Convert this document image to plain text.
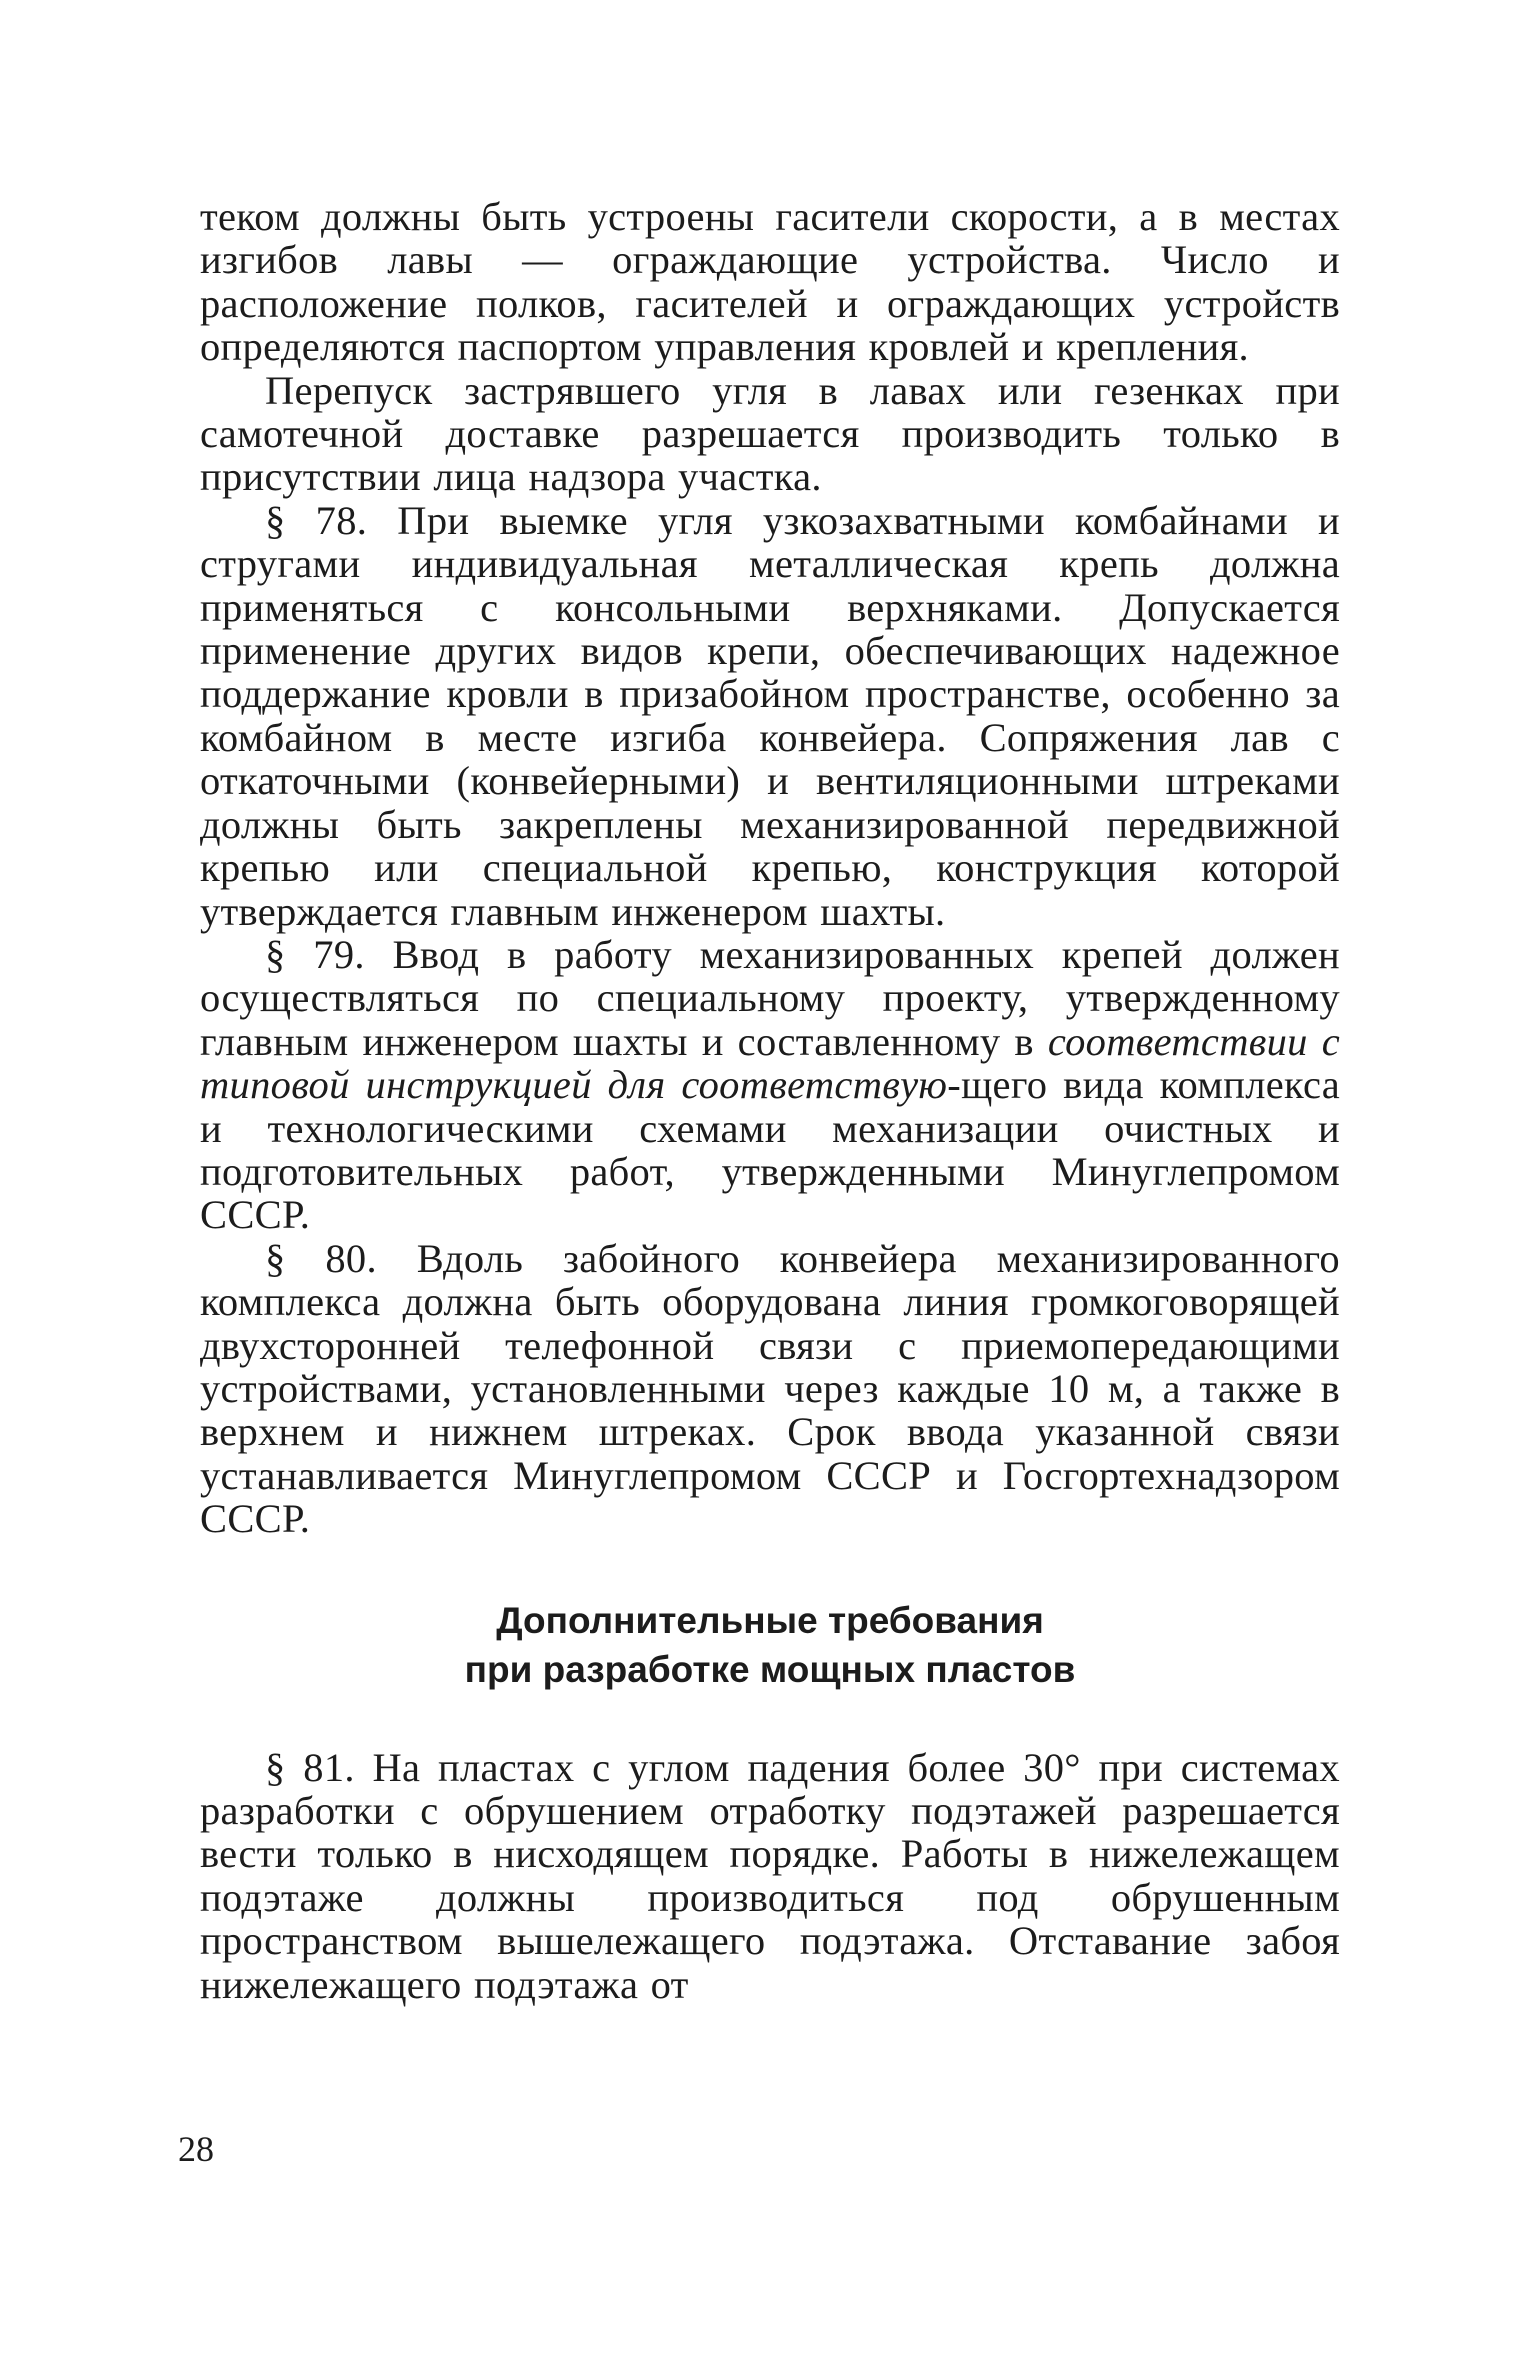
теком должны быть устроены гасители скорости, а в местах изгибов лавы — ограждающие устройства. Число и расположение полков, гасителей и ограждающих устройств определяются паспортом управления кровлей и крепления.

Перепуск застрявшего угля в лавах или гезенках при самотечной доставке разрешается производить только в присутствии лица надзора участка.

§ 78. При выемке угля узкозахватными комбайнами и стругами индивидуальная металлическая крепь должна применяться с консольными верхняками. Допускается применение других видов крепи, обеспечивающих надежное поддержание кровли в призабойном пространстве, особенно за комбайном в месте изгиба конвейера. Сопряжения лав с откаточными (конвейерными) и вентиляционными штреками должны быть закреплены механизированной передвижной крепью или специальной крепью, конструкция которой утверждается главным инженером шахты.

§ 79. Ввод в работу механизированных крепей должен осуществляться по специальному проекту, утвержденному главным инженером шахты и составленному в соответствии с типовой инструкцией для соответствую-щего вида комплекса и технологическими схемами механизации очистных и подготовительных работ, утвержденными Минуглепромом СССР.

§ 80. Вдоль забойного конвейера механизированного комплекса должна быть оборудована линия громкоговорящей двухсторонней телефонной связи с приемопередающими устройствами, установленными через каждые 10 м, а также в верхнем и нижнем штреках. Срок ввода указанной связи устанавливается Минуглепромом СССР и Госгортехнадзором СССР.

Дополнительные требования
при разработке мощных пластов

§ 81. На пластах с углом падения более 30° при системах разработки с обрушением отработку подэтажей разрешается вести только в нисходящем порядке. Работы в нижележащем подэтаже должны производиться под обрушенным пространством вышележащего подэтажа. Отставание забоя нижележащего подэтажа от

28
